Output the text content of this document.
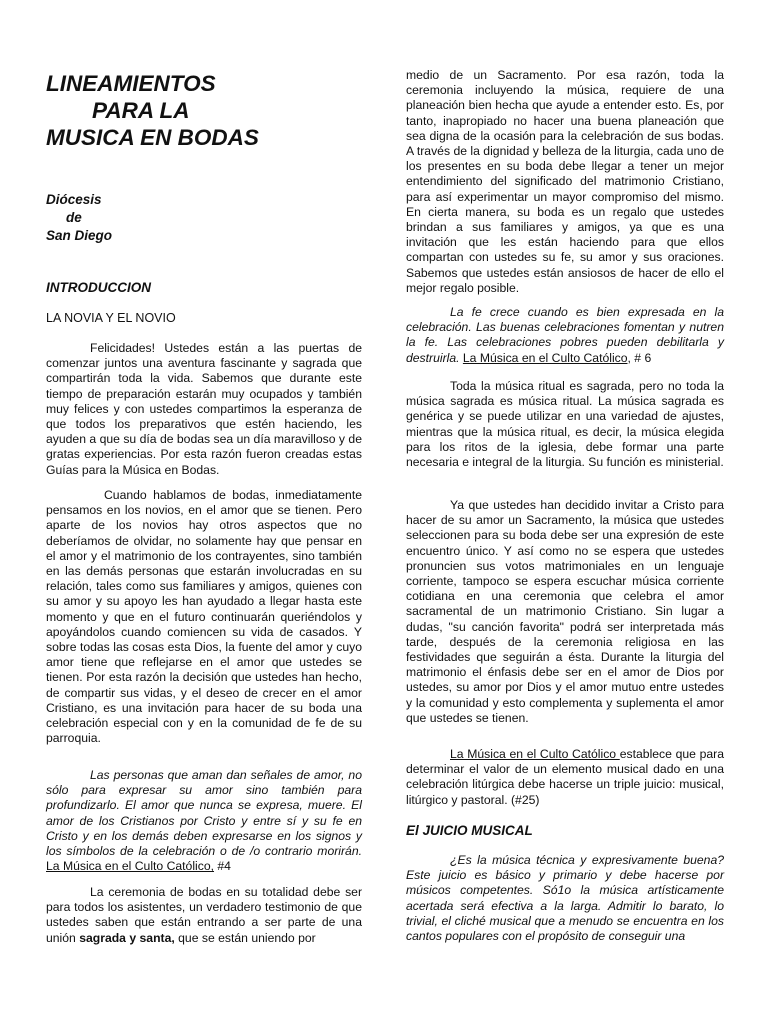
LINEAMIENTOS
PARA LA
MUSICA EN BODAS
Diócesis
de
San Diego
INTRODUCCION
LA NOVIA Y EL NOVIO

Felicidades! Ustedes están a las puertas de comenzar juntos una aventura fascinante y sagrada que compartirán toda la vida. Sabemos que durante este tiempo de preparación estarán muy ocupados y también muy felices y con ustedes compartimos la esperanza de que todos los preparativos que estén haciendo, les ayuden a que su día de bodas sea un día maravilloso y de gratas experiencias. Por esta razón fueron creadas estas Guías para la Música en Bodas.

Cuando hablamos de bodas, inmediatamente pensamos en los novios, en el amor que se tienen. Pero aparte de los novios hay otros aspectos que no deberíamos de olvidar, no solamente hay que pensar en el amor y el matrimonio de los contrayentes, sino también en las demás personas que estarán involucradas en su relación, tales como sus familiares y amigos, quienes con su amor y su apoyo les han ayudado a llegar hasta este momento y que en el futuro continuarán queriéndolos y apoyándolos cuando comiencen su vida de casados. Y sobre todas las cosas esta Dios, la fuente del amor y cuyo amor tiene que reflejarse en el amor que ustedes se tienen. Por esta razón la decisión que ustedes han hecho, de compartir sus vidas, y el deseo de crecer en el amor Cristiano, es una invitación para hacer de su boda una celebración especial con y en la comunidad de fe de su parroquia.

Las personas que aman dan señales de amor, no sólo para expresar su amor sino también para profundizarlo. El amor que nunca se expresa, muere. El amor de los Cristianos por Cristo y entre sí y su fe en Cristo y en los demás deben expresarse en los signos y los símbolos de la celebración o de /o contrario morirán. La Música en el Culto Católico, #4

La ceremonia de bodas en su totalidad debe ser para todos los asistentes, un verdadero testimonio de que ustedes saben que están entrando a ser parte de una unión sagrada y santa, que se están uniendo por

medio de un Sacramento. Por esa razón, toda la ceremonia incluyendo la música, requiere de una planeación bien hecha que ayude a entender esto. Es, por tanto, inapropiado no hacer una buena planeación que sea digna de la ocasión para la celebración de sus bodas. A través de la dignidad y belleza de la liturgia, cada uno de los presentes en su boda debe llegar a tener un mejor entendimiento del significado del matrimonio Cristiano, para así experimentar un mayor compromiso del mismo. En cierta manera, su boda es un regalo que ustedes brindan a sus familiares y amigos, ya que es una invitación que les están haciendo para que ellos compartan con ustedes su fe, su amor y sus oraciones. Sabemos que ustedes están ansiosos de hacer de ello el mejor regalo posible.

La fe crece cuando es bien expresada en la celebración. Las buenas celebraciones fomentan y nutren la fe. Las celebraciones pobres pueden debilitarla y destruirla. La Música en el Culto Católico, # 6

Toda la música ritual es sagrada, pero no toda la música sagrada es música ritual. La música sagrada es genérica y se puede utilizar en una variedad de ajustes, mientras que la música ritual, es decir, la música elegida para los ritos de la iglesia, debe formar una parte necesaria e integral de la liturgia. Su función es ministerial.

Ya que ustedes han decidido invitar a Cristo para hacer de su amor un Sacramento, la música que ustedes seleccionen para su boda debe ser una expresión de este encuentro único. Y así como no se espera que ustedes pronuncien sus votos matrimoniales en un lenguaje corriente, tampoco se espera escuchar música corriente cotidiana en una ceremonia que celebra el amor sacramental de un matrimonio Cristiano. Sin lugar a dudas, "su canción favorita" podrá ser interpretada más tarde, después de la ceremonia religiosa en las festividades que seguirán a ésta. Durante la liturgia del matrimonio el énfasis debe ser en el amor de Dios por ustedes, su amor por Dios y el amor mutuo entre ustedes y la comunidad y esto complementa y suplementa el amor que ustedes se tienen.

La Música en el Culto Católico establece que para determinar el valor de un elemento musical dado en una celebración litúrgica debe hacerse un triple juicio: musical, litúrgico y pastoral. (#25)

El JUICIO MUSICAL

¿Es la música técnica y expresivamente buena? Este juicio es básico y primario y debe hacerse por músicos competentes. Só1o la música artísticamente acertada será efectiva a la larga. Admitir lo barato, lo trivial, el cliché musical que a menudo se encuentra en los cantos populares con el propósito de conseguir una
